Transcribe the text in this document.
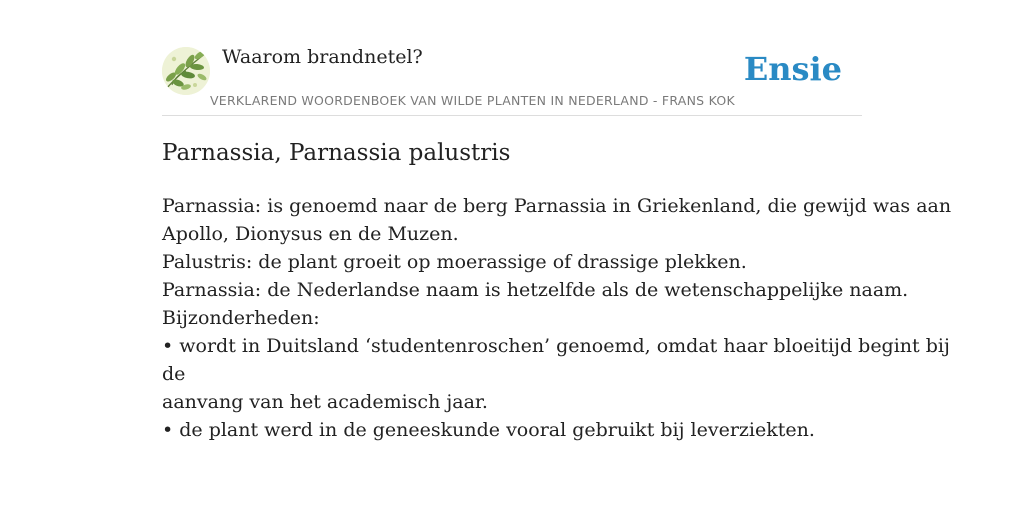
Waarom brandnetel?
VERKLAREND WOORDENBOEK VAN WILDE PLANTEN IN NEDERLAND - FRANS KOK
Ensie
Parnassia, Parnassia palustris

Parnassia: is genoemd naar de berg Parnassia in Griekenland, die gewijd was aan

Apollo, Dionysus en de Muzen.

Palustris: de plant groeit op moerassige of drassige plekken.

Parnassia: de Nederlandse naam is hetzelfde als de wetenschappelijke naam.

Bijzonderheden:

• wordt in Duitsland ‘studentenroschen’ genoemd, omdat haar bloeitijd begint bij

de

aanvang van het academisch jaar.

• de plant werd in de geneeskunde vooral gebruikt bij leverziekten.
